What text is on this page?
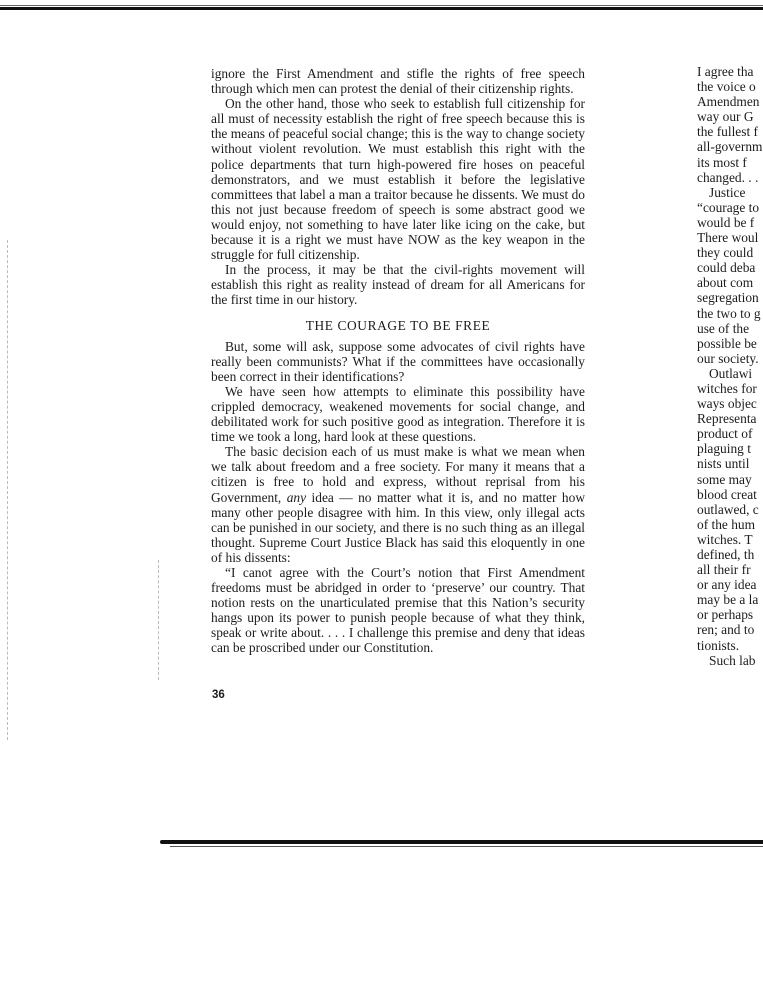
ignore the First Amendment and stifle the rights of free speech through which men can protest the denial of their citizenship rights.

On the other hand, those who seek to establish full citizenship for all must of necessity establish the right of free speech because this is the means of peaceful social change; this is the way to change society without violent revolution. We must establish this right with the police departments that turn high-powered fire hoses on peaceful demonstrators, and we must establish it before the legislative committees that label a man a traitor because he dissents. We must do this not just because freedom of speech is some abstract good we would enjoy, not something to have later like icing on the cake, but because it is a right we must have NOW as the key weapon in the struggle for full citizenship.

In the process, it may be that the civil-rights movement will establish this right as reality instead of dream for all Americans for the first time in our history.

THE COURAGE TO BE FREE

But, some will ask, suppose some advocates of civil rights have really been communists? What if the committees have occasionally been correct in their identifications?

We have seen how attempts to eliminate this possibility have crippled democracy, weakened movements for social change, and debilitated work for such positive good as integration. Therefore it is time we took a long, hard look at these questions.

The basic decision each of us must make is what we mean when we talk about freedom and a free society. For many it means that a citizen is free to hold and express, without reprisal from his Government, any idea — no matter what it is, and no matter how many other people disagree with him. In this view, only illegal acts can be punished in our society, and there is no such thing as an illegal thought. Supreme Court Justice Black has said this eloquently in one of his dissents:

“I canot agree with the Court’s notion that First Amendment freedoms must be abridged in order to ‘preserve’ our country. That notion rests on the unarticulated premise that this Nation’s security hangs upon its power to punish people because of what they think, speak or write about. . . . I challenge this premise and deny that ideas can be proscribed under our Constitution.

36
I agree tha
the voice o
Amendmen
way our G
the fullest f
all-governm
its most f
changed. . .
Justice
“courage to
would be f
There woul
they could
could deba
about com
segregation
the two to g
use of the
possible be
our society.
Outlawi
witches for
ways objec
Representa
product of
plaguing t
nists until
some may
blood creat
outlawed, c
of the hum
witches. T
defined, th
all their fr
or any idea
may be a la
or perhaps
ren; and to
tionists.
Such lab
